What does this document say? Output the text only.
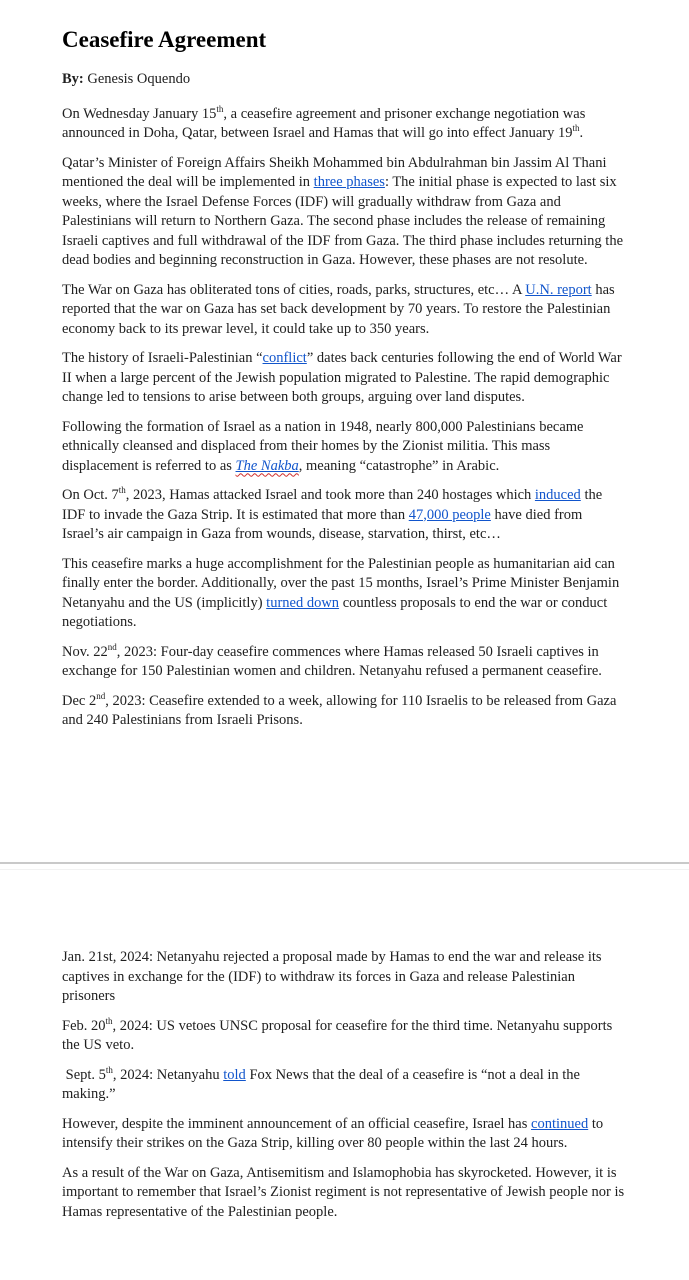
Ceasefire Agreement

By: Genesis Oquendo

On Wednesday January 15th, a ceasefire agreement and prisoner exchange negotiation was announced in Doha, Qatar, between Israel and Hamas that will go into effect January 19th.

Qatar’s Minister of Foreign Affairs Sheikh Mohammed bin Abdulrahman bin Jassim Al Thani mentioned the deal will be implemented in three phases: The initial phase is expected to last six weeks, where the Israel Defense Forces (IDF) will gradually withdraw from Gaza and Palestinians will return to Northern Gaza. The second phase includes the release of remaining Israeli captives and full withdrawal of the IDF from Gaza. The third phase includes returning the dead bodies and beginning reconstruction in Gaza. However, these phases are not resolute.

The War on Gaza has obliterated tons of cities, roads, parks, structures, etc… A U.N. report has reported that the war on Gaza has set back development by 70 years. To restore the Palestinian economy back to its prewar level, it could take up to 350 years.

The history of Israeli-Palestinian “conflict” dates back centuries following the end of World War II when a large percent of the Jewish population migrated to Palestine. The rapid demographic change led to tensions to arise between both groups, arguing over land disputes.

Following the formation of Israel as a nation in 1948, nearly 800,000 Palestinians became ethnically cleansed and displaced from their homes by the Zionist militia. This mass displacement is referred to as The Nakba, meaning “catastrophe” in Arabic.

On Oct. 7th, 2023, Hamas attacked Israel and took more than 240 hostages which induced the IDF to invade the Gaza Strip. It is estimated that more than 47,000 people have died from Israel’s air campaign in Gaza from wounds, disease, starvation, thirst, etc…

This ceasefire marks a huge accomplishment for the Palestinian people as humanitarian aid can finally enter the border. Additionally, over the past 15 months, Israel’s Prime Minister Benjamin Netanyahu and the US (implicitly) turned down countless proposals to end the war or conduct negotiations.

Nov. 22nd, 2023: Four-day ceasefire commences where Hamas released 50 Israeli captives in exchange for 150 Palestinian women and children. Netanyahu refused a permanent ceasefire.

Dec 2nd, 2023: Ceasefire extended to a week, allowing for 110 Israelis to be released from Gaza and 240 Palestinians from Israeli Prisons.

Jan. 21st, 2024: Netanyahu rejected a proposal made by Hamas to end the war and release its captives in exchange for the (IDF) to withdraw its forces in Gaza and release Palestinian prisoners

Feb. 20th, 2024: US vetoes UNSC proposal for ceasefire for the third time. Netanyahu supports the US veto.

Sept. 5th, 2024: Netanyahu told Fox News that the deal of a ceasefire is “not a deal in the making.”

However, despite the imminent announcement of an official ceasefire, Israel has continued to intensify their strikes on the Gaza Strip, killing over 80 people within the last 24 hours.

As a result of the War on Gaza, Antisemitism and Islamophobia has skyrocketed. However, it is important to remember that Israel’s Zionist regiment is not representative of Jewish people nor is Hamas representative of the Palestinian people.
